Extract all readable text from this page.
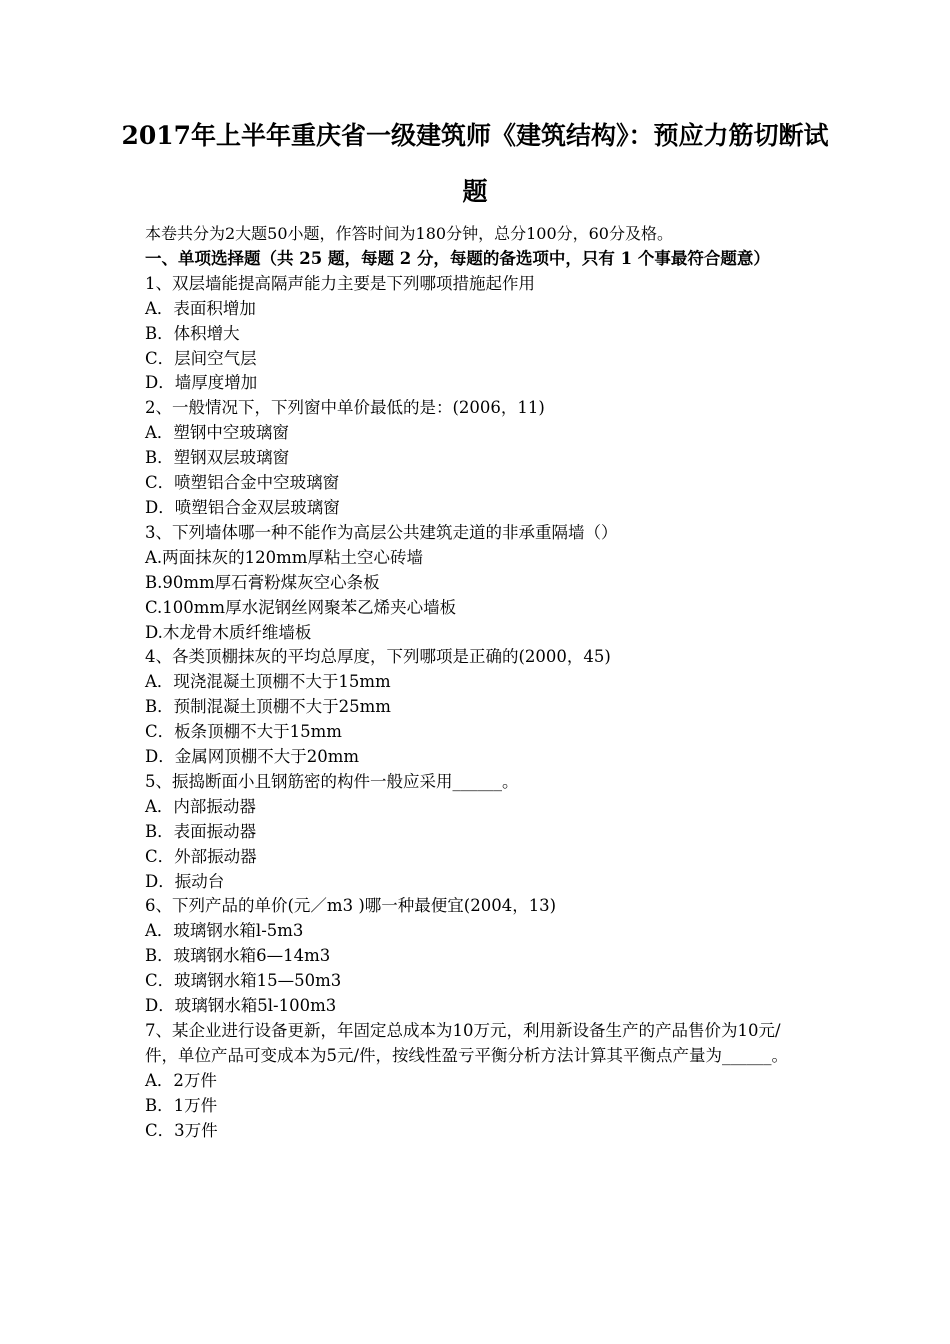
2017年上半年重庆省一级建筑师《建筑结构》：预应力筋切断试题
本卷共分为2大题50小题，作答时间为180分钟，总分100分，60分及格。
一、单项选择题（共 25 题，每题 2 分，每题的备选项中，只有 1 个事最符合题意）
1、双层墙能提高隔声能力主要是下列哪项措施起作用
A．表面积增加
B．体积增大
C．层间空气层
D．墙厚度增加
2、一般情况下，下列窗中单价最低的是：(2006，11)
A．塑钢中空玻璃窗
B．塑钢双层玻璃窗
C．喷塑铝合金中空玻璃窗
D．喷塑铝合金双层玻璃窗
3、下列墙体哪一种不能作为高层公共建筑走道的非承重隔墙（）
A.两面抹灰的120mm厚粘土空心砖墙
B.90mm厚石膏粉煤灰空心条板
C.100mm厚水泥钢丝网聚苯乙烯夹心墙板
D.木龙骨木质纤维墙板
4、各类顶棚抹灰的平均总厚度，下列哪项是正确的(2000，45)
A．现浇混凝土顶棚不大于15mm
B．预制混凝土顶棚不大于25mm
C．板条顶棚不大于15mm
D．金属网顶棚不大于20mm
5、振捣断面小且钢筋密的构件一般应采用______。
A．内部振动器
B．表面振动器
C．外部振动器
D．振动台
6、下列产品的单价(元／m3 )哪一种最便宜(2004，13)
A．玻璃钢水箱l-5m3
B．玻璃钢水箱6—14m3
C．玻璃钢水箱15—50m3
D．玻璃钢水箱5l-100m3
7、某企业进行设备更新，年固定总成本为10万元，利用新设备生产的产品售价为10元/件，单位产品可变成本为5元/件，按线性盈亏平衡分析方法计算其平衡点产量为______。
A．2万件
B．1万件
C．3万件
